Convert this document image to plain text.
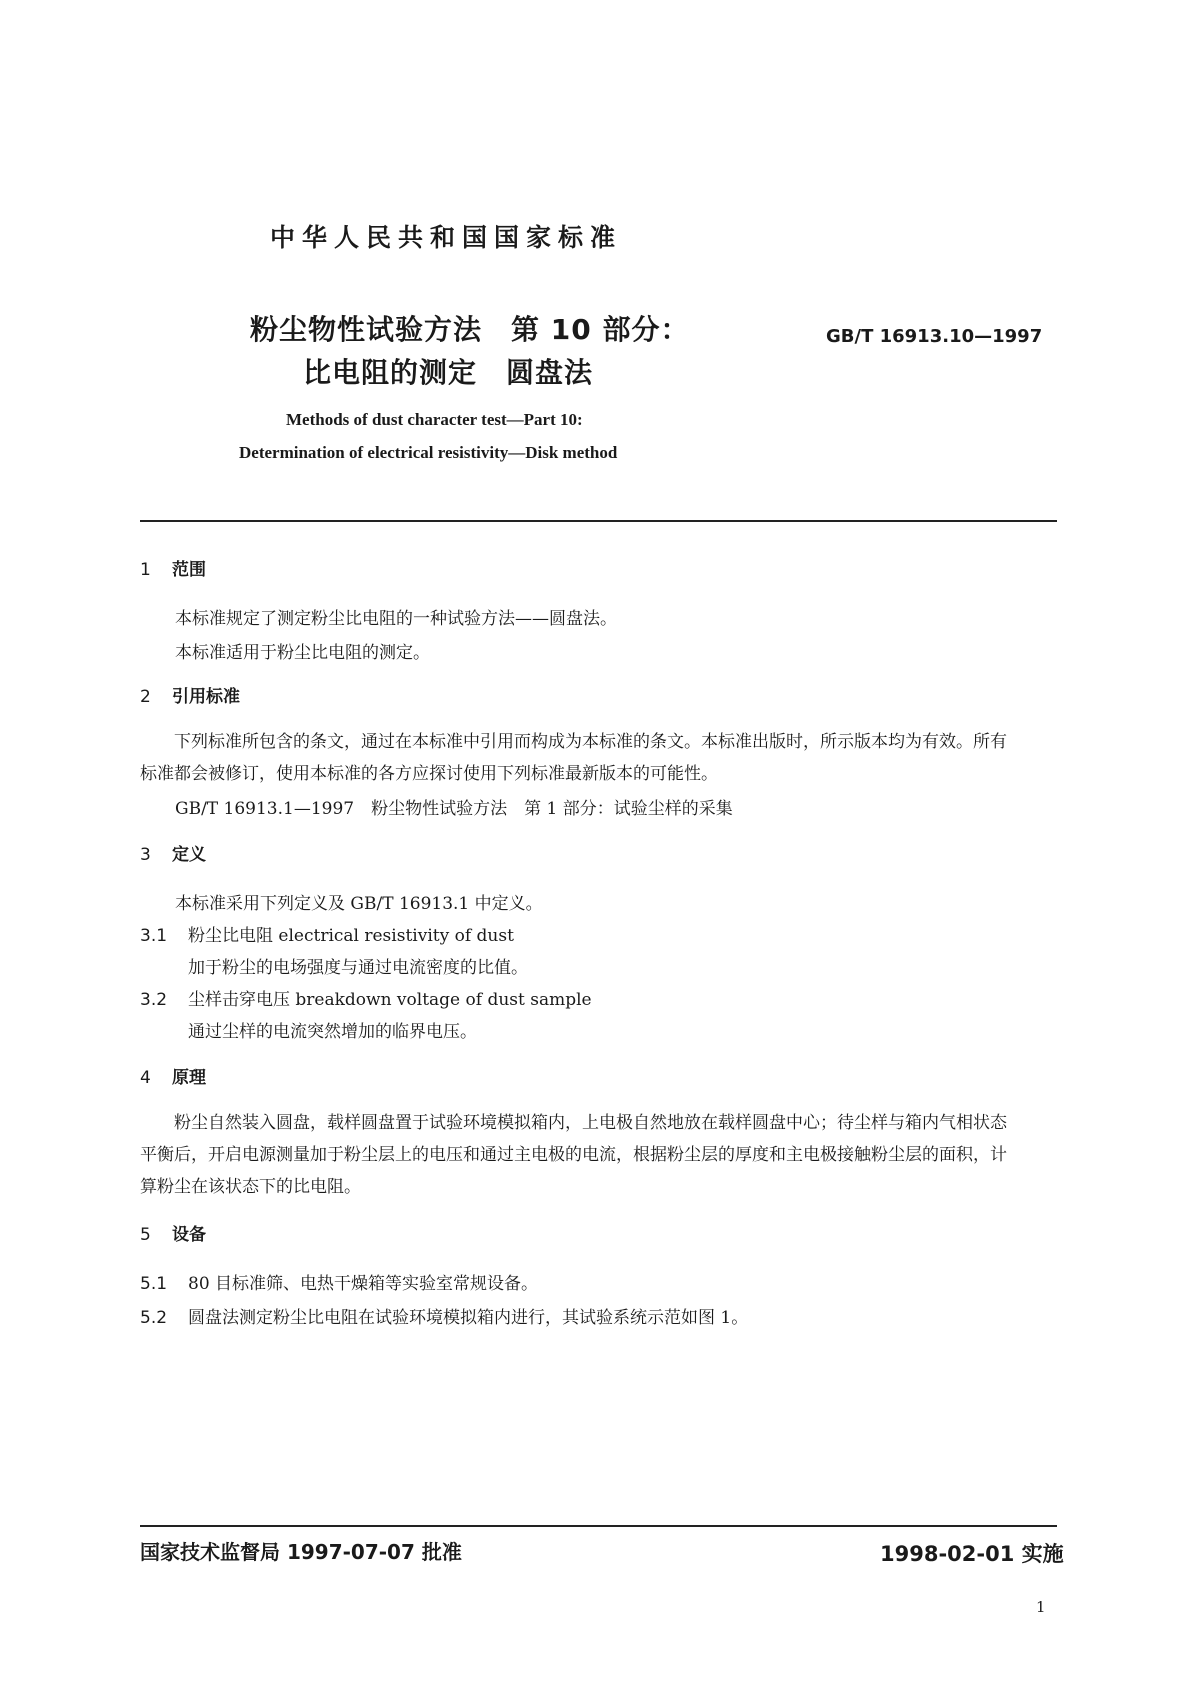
中华人民共和国国家标准
粉尘物性试验方法　第 10 部分：
比电阻的测定　圆盘法
GB/T 16913.10—1997
Methods of dust character test—Part 10:
Determination of electrical resistivity—Disk method
1 范围
本标准规定了测定粉尘比电阻的一种试验方法——圆盘法。
本标准适用于粉尘比电阻的测定。
2 引用标准
下列标准所包含的条文，通过在本标准中引用而构成为本标准的条文。本标准出版时，所示版本均为有效。所有标准都会被修订，使用本标准的各方应探讨使用下列标准最新版本的可能性。
GB/T 16913.1—1997　粉尘物性试验方法　第 1 部分：试验尘样的采集
3 定义
本标准采用下列定义及 GB/T 16913.1 中定义。
3.1 粉尘比电阻 electrical resistivity of dust
加于粉尘的电场强度与通过电流密度的比值。
3.2 尘样击穿电压 breakdown voltage of dust sample
通过尘样的电流突然增加的临界电压。
4 原理
粉尘自然装入圆盘，载样圆盘置于试验环境模拟箱内，上电极自然地放在载样圆盘中心；待尘样与箱内气相状态平衡后，开启电源测量加于粉尘层上的电压和通过主电极的电流，根据粉尘层的厚度和主电极接触粉尘层的面积，计算粉尘在该状态下的比电阻。
5 设备
5.1 80 目标准筛、电热干燥箱等实验室常规设备。
5.2 圆盘法测定粉尘比电阻在试验环境模拟箱内进行，其试验系统示范如图 1。
国家技术监督局 1997-07-07 批准	1998-02-01 实施
1
